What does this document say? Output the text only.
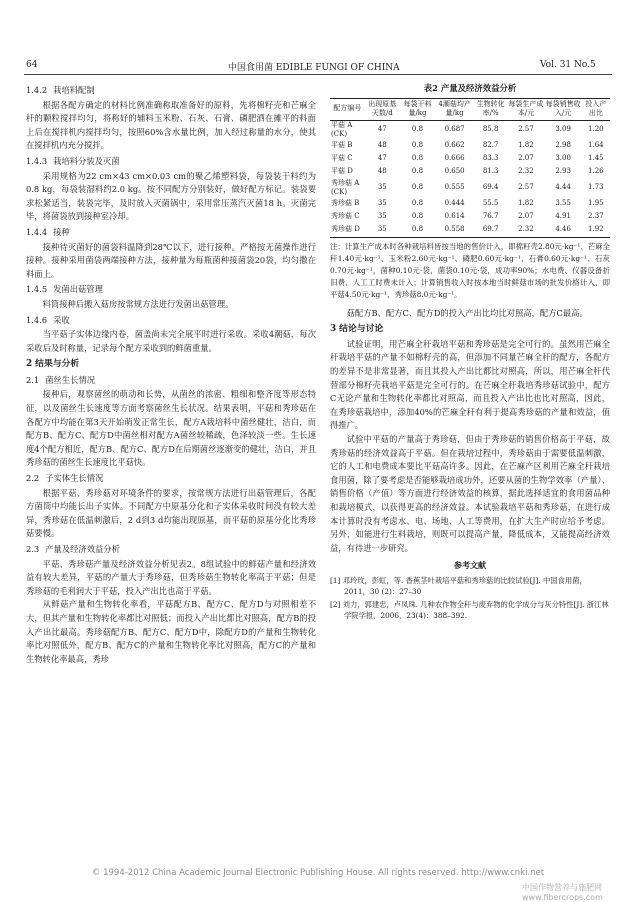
64	中国食用菌 EDIBLE FUNGI OF CHINA	Vol. 31 No.5
1.4.2 栽培料配制

根据各配方确定的材料比例准确称取准备好的原料，先将棉籽壳和芒麻全秆的颗粒搅拌均匀，将称好的辅料玉米粉、石灰、石膏、磷肥洒在摊平的料面上后在搅拌机内搅拌均匀，按照60%含水量比例，加入经过称量的水分，使其在搅拌机内充分搅拌。

1.4.3 栽培料分装及灭菌

采用规格为22 cm×43 cm×0.03 cm的聚乙烯塑料袋，每袋装干料约为0.8 kg，每袋装湿料约2.0 kg。按不同配方分别装好，做好配方标记。装袋要求松紧适当，装袋完毕，及时放入灭菌锅中，采用常压蒸汽灭菌18 h。灭菌完毕，将菌袋放到接种室冷却。

1.4.4 接种

接种待灭菌好的菌袋料温降到28℃以下，进行接种。严格按无菌操作进行接种。接种采用菌袋两端接种方法，接种量为每瓶菌种接菌袋20袋，均匀撒在料面上。

1.4.5 发菌出菇管理

料筒接种后搬入菇房按常规方法进行发菌出菇管理。

1.4.6 采收

当平菇子实体边缘内卷，菌盖尚未完全展平时进行采收。采收4潮菇，每次采收后及时称量，记录每个配方采收到的鲜菌重量。

2 结果与分析
2.1 菌丝生长情况

接种后，观察菌丝的萌动和长势，从菌丝的浓密、粗细和整齐度等形态特征，以及菌丝生长速度等方面考察菌丝生长状况。结果表明，平菇和秀珍菇在各配方中均能在第3天开始萌发正常生长，配方A栽培料中菌丝健壮，洁白，而配方B、配方C、配方D中菌丝相对配方A菌丝较稀疏，色泽较淡一些。生长速度4个配方相近，配方B、配方C、配方D在后期菌丝逐渐变的健壮，洁白，并且秀珍菇的菌丝生长速度比平菇快。

2.2 子实体生长情况

根据平菇、秀珍菇对环境条件的要求，按常规方法进行出菇管理后，各配方菌筒中均能长出子实体。不同配方中原基分化和子实体采收时间没有较大差异，秀珍菇在低温刺激后，2 d到3 d均能出现原基，而平菇的原基分化比秀珍菇要慢。

2.3 产量及经济效益分析

平菇、秀珍菇产量及经济效益分析见表2。8组试验中的鲜菇产量和经济效益有较大差异，平菇的产量大于秀珍菇，但秀珍菇生物转化率高于平菇；但是秀珍菇的毛利润大于平菇，投入产出比也高于平菇。

从鲜菇产量和生物转化率看，平菇配方B、配方C、配方D与对照相差不大，但其产量和生物转化率都比对照低；而投入产出比都比对照高，配方B的投入产出比最高。秀珍菇配方B、配方C、配方D中，除配方D的产量和生物转化率比对照低外，配方B、配方C的产量和生物转化率比对照高，配方C的产量和生物转化率最高，秀珍

表2 产量及经济效益分析
配方编号	出现原基天数/d	每袋干料量/kg	4潮菇均产量/kg	生物转化率/%	每袋生产成本/元	每袋销售收入/元	投入产出比
平菇 A (CK)	47	0.8	0.687	85.8	2.57	3.09	1.20
平菇 B	48	0.8	0.662	82.7	1.82	2.98	1.64
平菇 C	47	0.8	0.666	83.3	2.07	3.00	1.45
平菇 D	48	0.8	0.650	81.3	2.32	2.93	1.26
秀珍菇 A (CK)	35	0.8	0.555	69.4	2.57	4.44	1.73
秀珍菇 B	35	0.8	0.444	55.5	1.82	3.55	1.95
秀珍菇 C	35	0.8	0.614	76.7	2.07	4.91	2.37
秀珍菇 D	35	0.8	0.558	69.7	2.32	4.46	1.92
注：计算生产成本时各种栽培料皆按当地的售价计入，即棉籽壳2.80元·kg⁻¹、芒麻全秆1.40元·kg⁻¹、玉米粉2.60元·kg⁻¹、磷肥0.60元·kg⁻¹、石膏0.60元·kg⁻¹、石灰0.70元·kg⁻¹，菌种0.10元·袋，菌袋0.10元·袋，成功率90%；水电费、仪器设备折旧费、人工工时费未计入；计算销售收入时按本地当时鲜菇市场的批发价格计入，即平菇4.50元·kg⁻¹、秀珍菇8.0元·kg⁻¹。

菇配方B、配方C、配方D的投入产出比均比对照高，配方C最高。

3 结论与讨论

试验证明，用芒麻全秆栽培平菇和秀珍菇是完全可行的。虽然用芒麻全秆栽培平菇的产量不如棉籽壳的高，但添加不同量芒麻全秆的配方，各配方的差异不是非常显著，而且其投入产出比都比对照高，所以，用芒麻全秆代替部分棉籽壳栽培平菇是完全可行的。在芒麻全秆栽培秀珍菇试验中，配方C无论产量和生物转化率都比对照高，而且投入产出比也比对照高，因此，在秀珍菇栽培中，添加40%的芒麻全秆有利于提高秀珍菇的产量和效益，值得推广。

试验中平菇的产量高于秀珍菇，但由于秀珍菇的销售价格高于平菇，故秀珍菇的经济效益高于平菇。但在栽培过程中，秀珍菇由于需要低温刺激，它的人工和电费成本要比平菇高许多。因此，在芒麻产区利用芒麻全秆栽培食用菌，除了要考虑是否能够栽培成功外，还要从菌的生物学效率（产量）、销售价格（产值）等方面进行经济效益的核算，据此选择适宜的食用菌品种和栽培模式，以获得更高的经济效益。本试验栽培平菇和秀珍菇，在进行成本计算时没有考虑水、电、场地、人工等费用，在扩大生产时应给予考虑。另外，如能进行生料栽培，则既可以提高产量，降低成本，又能提高经济效益，有待进一步研究。

参考文献
[1] 邓玲玫，彭虹，等. 香蕉茎叶栽培平菇和秀珍菇的比较试验[J]. 中国食用菌，2011，30 (2)：27–30
[2] 刘力，郭建忠，卢凤珠. 几种农作物全秆与废弃物的化学成分与灰分特性[J]. 浙江林学院学报，2006，23(4)：388–392.
© 1994-2012 China Academic Journal Electronic Publishing House. All rights reserved. http://www.cnki.net
中国作物营养与施肥网 www.fibercrops.com
